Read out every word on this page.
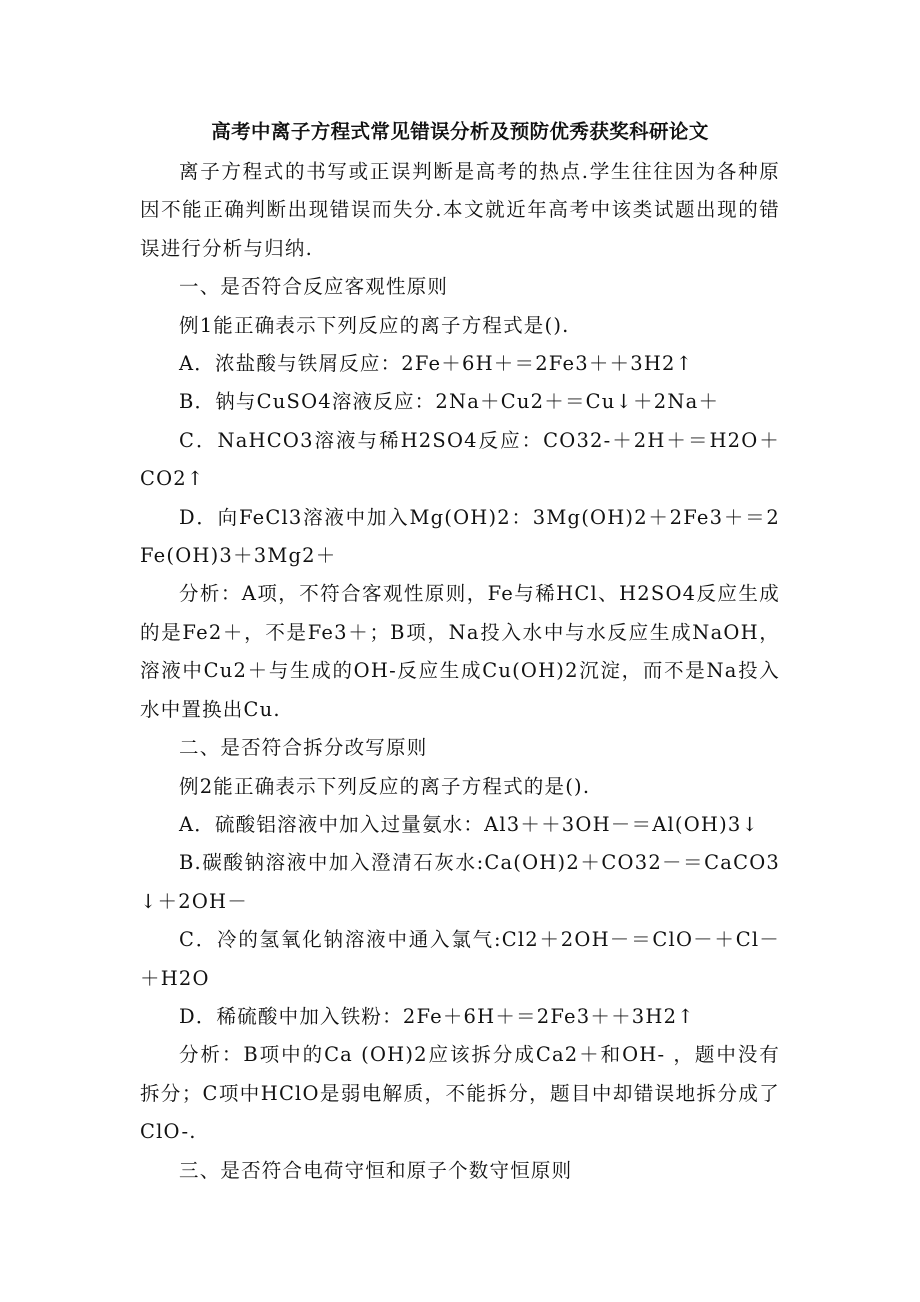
高考中离子方程式常见错误分析及预防优秀获奖科研论文

离子方程式的书写或正误判断是高考的热点.学生往往因为各种原因不能正确判断出现错误而失分.本文就近年高考中该类试题出现的错误进行分析与归纳.

一、是否符合反应客观性原则

例1能正确表示下列反应的离子方程式是().

A．浓盐酸与铁屑反应：2Fe＋6H＋＝2Fe3＋＋3H2↑

B．钠与CuSO4溶液反应：2Na＋Cu2＋＝Cu↓＋2Na＋

C．NaHCO3溶液与稀H2SO4反应：CO32-＋2H＋＝H2O＋CO2↑

D．向FeCl3溶液中加入Mg(OH)2：3Mg(OH)2＋2Fe3＋＝2Fe(OH)3＋3Mg2＋

分析：A项，不符合客观性原则，Fe与稀HCl、H2SO4反应生成的是Fe2＋，不是Fe3＋；B项，Na投入水中与水反应生成NaOH，溶液中Cu2＋与生成的OH-反应生成Cu(OH)2沉淀，而不是Na投入水中置换出Cu.

二、是否符合拆分改写原则

例2能正确表示下列反应的离子方程式的是().

A．硫酸铝溶液中加入过量氨水：Al3＋＋3OH－＝Al(OH)3↓

B.碳酸钠溶液中加入澄清石灰水:Ca(OH)2＋CO32－＝CaCO3↓＋2OH－

C．冷的氢氧化钠溶液中通入氯气:Cl2＋2OH－＝ClO－＋Cl－＋H2O

D．稀硫酸中加入铁粉：2Fe＋6H＋＝2Fe3＋＋3H2↑

分析：B项中的Ca (OH)2应该拆分成Ca2＋和OH- ，题中没有拆分；C项中HClO是弱电解质，不能拆分，题目中却错误地拆分成了ClO-.

三、是否符合电荷守恒和原子个数守恒原则
